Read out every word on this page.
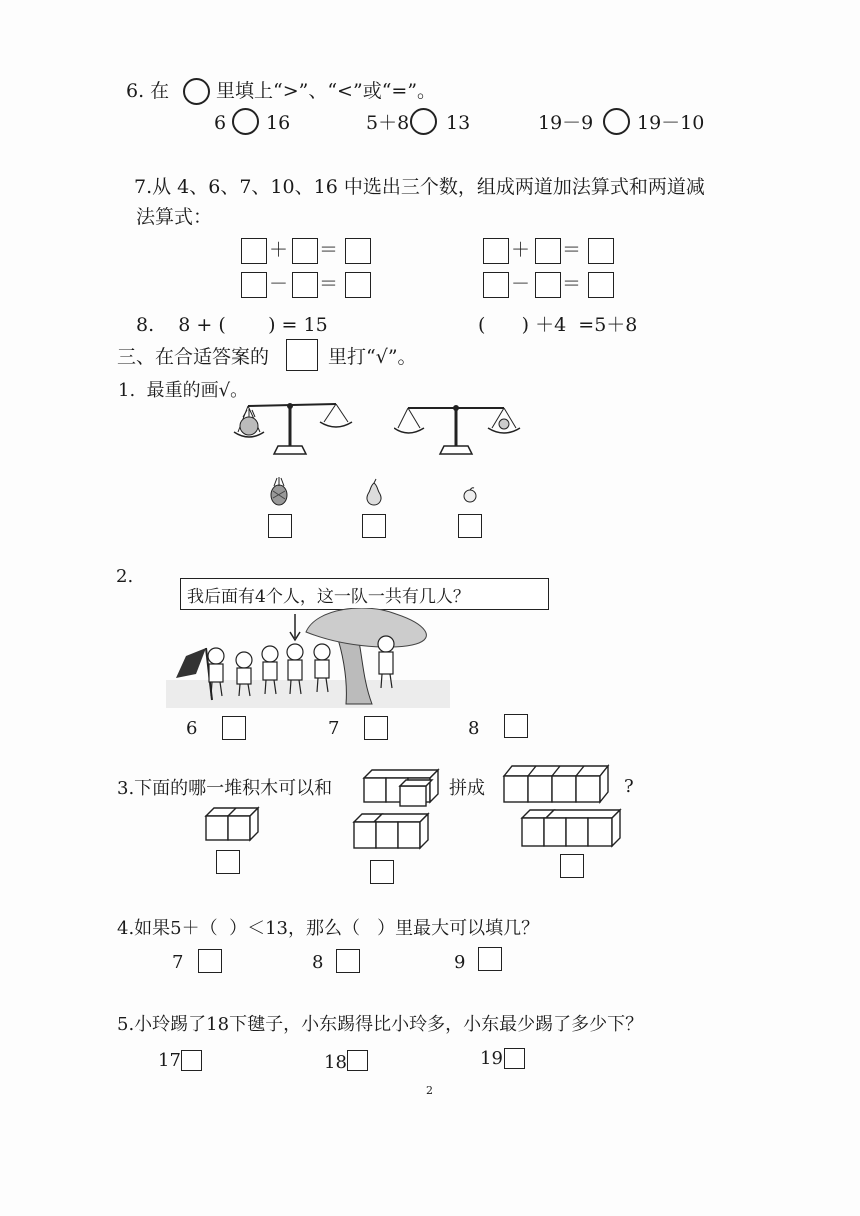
6. 在 里填上“>”、“<”或“=”。
6 16	5＋8 13	19－9 19－10
7.从 4、6、7、10、16 中选出三个数，组成两道加法算式和两道减
法算式：
＋ ＝
－ ＝
＋ ＝
－ ＝
8.    8 + (       ) = 15	(      ) ＋4  =5＋8
三、在合适答案的	里打“√”。
1.  最重的画√。
2.
我后面有4个人，这一队一共有几人？
6	7	8
3.下面的哪一堆积木可以和	拼成	?
4.如果5＋（  ）＜13，那么（   ）里最大可以填几？
7	8	9
5.小玲踢了18下毽子，小东踢得比小玲多，小东最少踢了多少下？
17	18	19
2
